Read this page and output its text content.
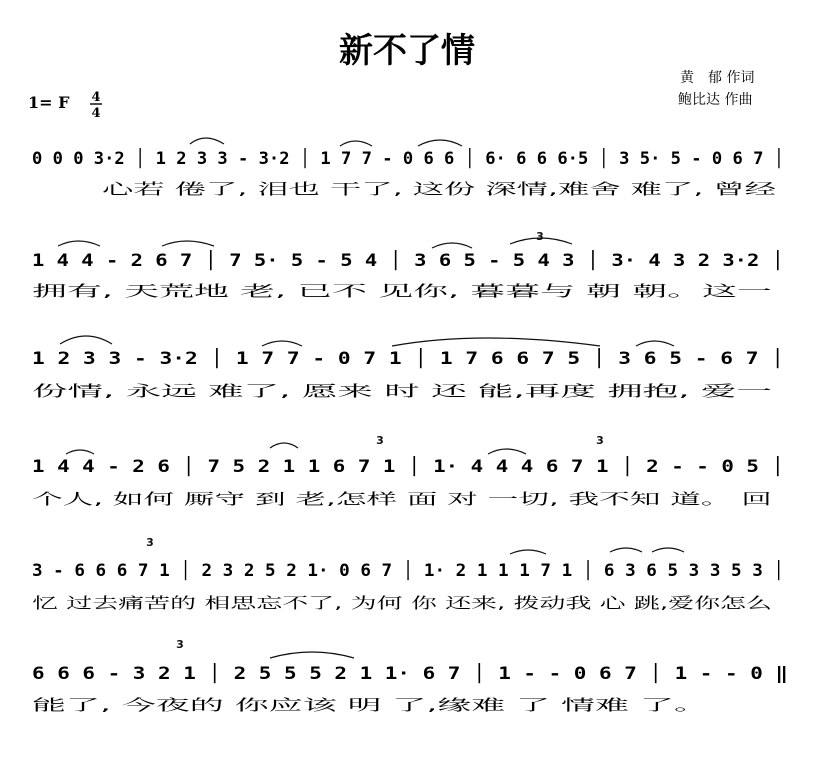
新不了情
1= F 4
4
黄　郁 作词
鲍比达 作曲
0 0 0 3·2 │ 1 2 3 3 - 3·2 │ 1 7 7 - 0 6 6 │ 6· 6 6 6·5 │ 3 5· 5 - 0 6 7 │
心若 倦了, 泪也 干了, 这份 深情,难舍 难了, 曾经
1 4 4 - 2 6 7 │ 7 5· 5 - 5 4 │ 3 6 5 - 5 4 3 │ 3· 4 3 2 3·2 │
拥有, 天荒地 老, 已不 见你, 暮暮与 朝 朝。这一
1 2 3 3 - 3·2 │ 1 7 7 - 0 7 1 │ 1 7 6 6 7 5 │ 3 6 5 - 6 7 │
份情, 永远 难了, 愿来 时 还 能,再度 拥抱, 爱一
1 4 4 - 2 6 │ 7 5 2 1 1 6 7 1 │ 1· 4 4 4 6 7 1 │ 2 - - 0 5 │
个人, 如何 厮守 到 老,怎样 面 对 一切, 我不知 道。 回
3 - 6 6 6 7 1 │ 2 3 2 5 2 1· 0 6 7 │ 1· 2 1 1 1 7 1 │ 6 3 6 5 3 3 5 3 │
忆 过去痛苦的 相思忘不了, 为何 你 还来, 拨动我 心 跳,爱你怎么
6 6 6 - 3 2 1 │ 2 5 5 5 2 1 1· 6 7 │ 1 - - 0 6 7 │ 1 - - 0 ‖
能了, 今夜的 你应该 明 了,缘难 了 情难 了。
3
3	3
3
3
